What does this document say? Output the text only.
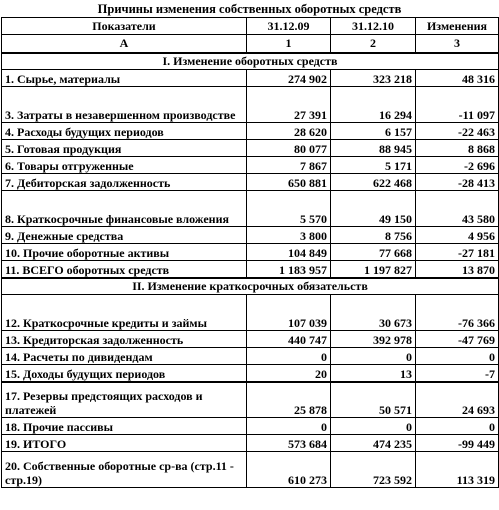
Причины изменения собственных оборотных средств
Показатели	31.12.09	31.12.10	Изменения
А	1	2	3
I. Изменение оборотных средств			
1. Сырье, материалы	274 902	323 218	48 316
3. Затраты в незавершенном производстве	27 391	16 294	-11 097
4. Расходы будущих периодов	28 620	6 157	-22 463
5. Готовая продукция	80 077	88 945	8 868
6. Товары отгруженные	7 867	5 171	-2 696
7. Дебиторская задолженность	650 881	622 468	-28 413
8. Краткосрочные финансовые вложения	5 570	49 150	43 580
9. Денежные средства	3 800	8 756	4 956
10. Прочие оборотные активы	104 849	77 668	-27 181
11. ВСЕГО оборотных средств	1 183 957	1 197 827	13 870
II. Изменение краткосрочных обязательств			
12. Краткосрочные кредиты и займы	107 039	30 673	-76 366
13. Кредиторская задолженность	440 747	392 978	-47 769
14. Расчеты по дивидендам	0	0	0
15. Доходы будущих периодов	20	13	-7
17. Резервы предстоящих расходов и платежей	25 878	50 571	24 693
18. Прочие пассивы	0	0	0
19. ИТОГО	573 684	474 235	-99 449
20. Собственные оборотные ср-ва (стр.11 - стр.19)	610 273	723 592	113 319
